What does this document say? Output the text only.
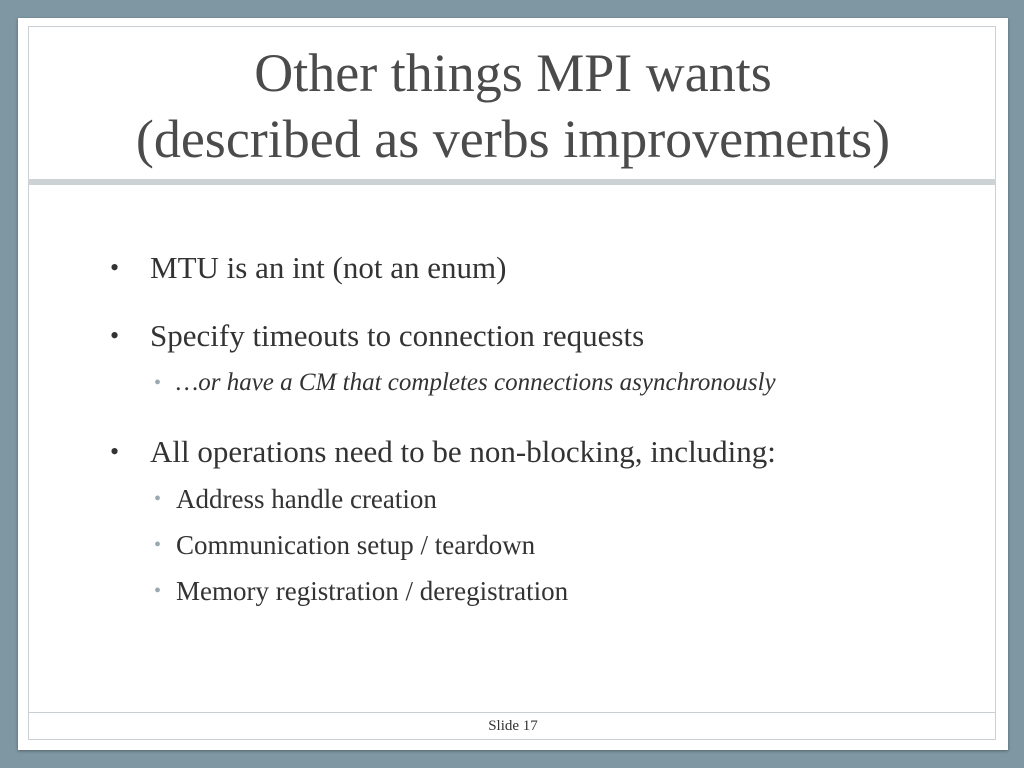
Other things MPI wants
(described as verbs improvements)
• MTU is an int (not an enum)
• Specify timeouts to connection requests
• …or have a CM that completes connections asynchronously
• All operations need to be non-blocking, including:
• Address handle creation
• Communication setup / teardown
• Memory registration / deregistration
Slide 17
